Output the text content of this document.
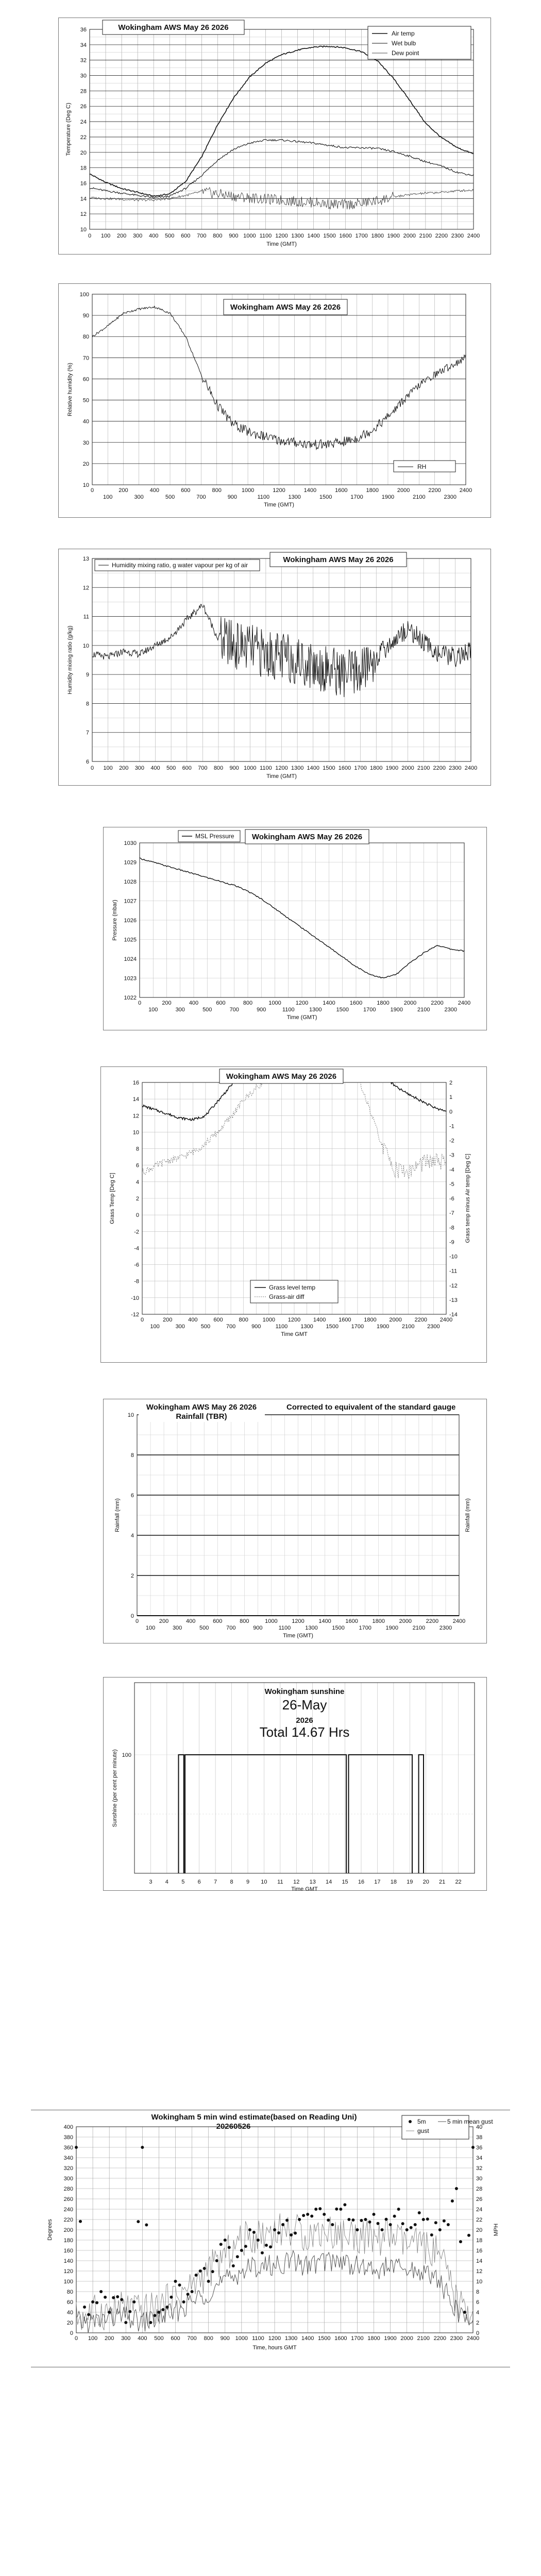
10
12
14
16
18
20
22
24
26
28
30
32
34
36
0 100 200 300 400 500 600 700 800 900 1000 1100 1200 1300 1400 1500 1600 1700 1800 1900 2000 2100 2200 2300 2400
Temperature (Deg C)
Time (GMT)
Wokingham AWS May 26 2026
Air temp
Wet bulb
Dew point
10
20
30
40
50
60
70
80
90
100
0	200	400	600	800	1000	1200	1400	1600	1800	2000	2200	2400
100	300	500	700	900	1100	1300	1500	1700	1900	2100	2300
Relative humidity (%)
Time (GMT)
Wokingham AWS May 26 2026
RH
6
7
8
9
10
11
12
13
0 100 200 300 400 500 600 700 800 900 1000 1100 1200 1300 1400 1500 1600 1700 1800 1900 2000 2100 2200 2300 2400
Humidity mixing ratio (g/kg)
Time (GMT)
Humidity mixing ratio, g water vapour per kg of air
Wokingham AWS May 26 2026
1022
1023
1024
1025
1026
1027
1028
1029
1030
0	200	400	600	800	1000	1200	1400	1600	1800	2000	2200	2400
100	300	500	700	900	1100	1300	1500	1700	1900	2100	2300
Pressure (mbar)
Time (GMT)
MSL Pressure Wokingham AWS May 26 2026
-12
-10
-8
-6
-4
-2
0
2
4
6
8
10
12
14
16
-14
-13
-12
-11
-10
-9
-8
-7
-6
-5
-4
-3
-2
-1
0
1
2
0	200	400	600	800	1000 1200 1400 1600 1800 2000 2200 2400
100	300	500	700	900	1100 1300 1500 1700 1900 2100 2300
Grass Temp [Deg C]	Grass temp minus Air temp [Deg C]
Time GMT
Wokingham AWS May 26 2026
Grass level temp
Grass-air diff
0
2
4
6
8
10
0	200	400	600	800	1000	1200	1400	1600	1800	2000	2200	2400
100	300	500	700	900	1100	1300	1500	1700	1900	2100	2300
Rainfall (mm)	Rainfall (mm)
Time (GMT)
Wokingham AWS May 26 2026
Rainfall (TBR)
Corrected to equivalent of the standard gauge
100
3 4 5 6 7 8 9 10 11 12 13 14 15 16 17 18 19 20 21 22
Sunshine (per cent per minute)
Time GMT
Wokingham sunshine
26-May
2026
Total 14.67 Hrs
0
20
40
60
80
100
120
140
160
180
200
220
240
260
280
300
320
340
360
380
400
0
2
4
6
8
10
12
14
16
18
20
22
24
26
28
30
32
34
36
38
40
0 100 200 300 400 500 600 700 800 900 1000 1100 1200 1300 1400 1500 1600 1700 1800 1900 2000 2100 2200 2300 2400
Degrees	MPH
Time, hours GMT
Wokingham 5 min wind estimate(based on Reading Uni)
20260526
5m	5 min mean gust
gust
